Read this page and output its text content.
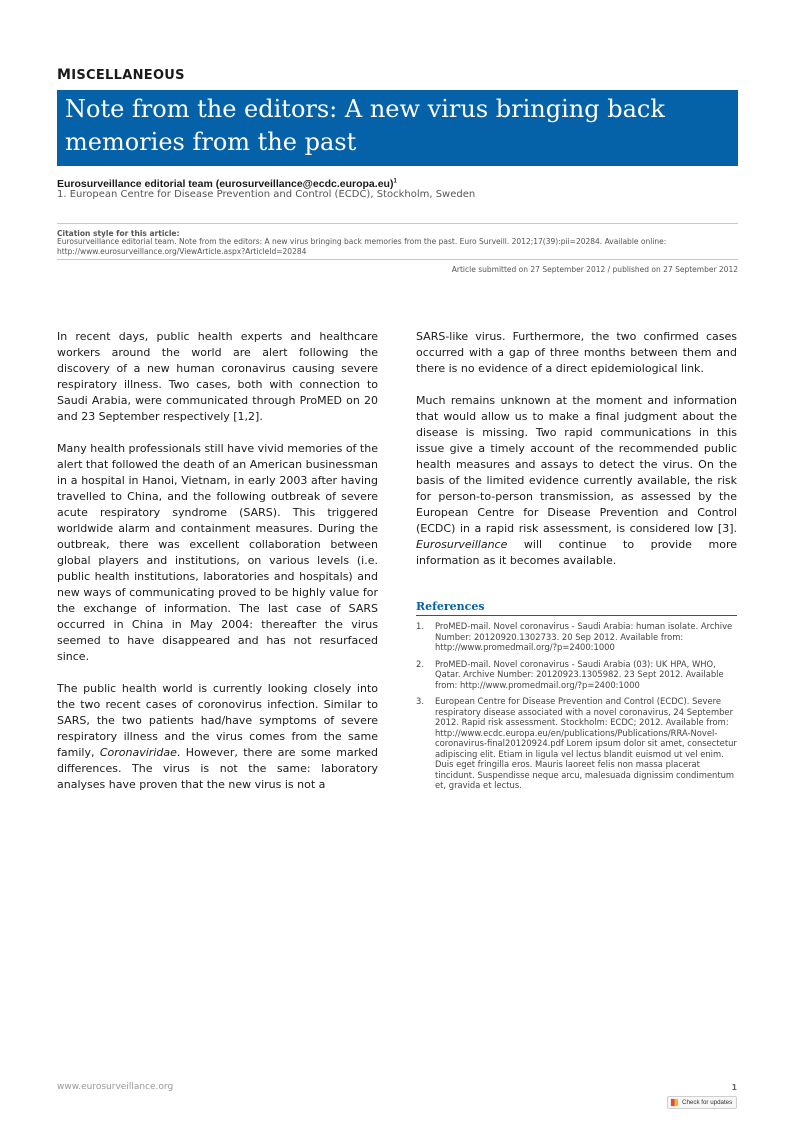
MISCELLANEOUS
Note from the editors: A new virus bringing back memories from the past
Eurosurveillance editorial team (eurosurveillance@ecdc.europa.eu)$^1$
1. European Centre for Disease Prevention and Control (ECDC), Stockholm, Sweden
Citation style for this article:
Eurosurveillance editorial team. Note from the editors: A new virus bringing back memories from the past. Euro Surveill. 2012;17(39):pii=20284. Available online: http://www.eurosurveillance.org/ViewArticle.aspx?ArticleId=20284
Article submitted on 27 September 2012 / published on 27 September 2012

In recent days, public health experts and healthcare workers around the world are alert following the discovery of a new human coronavirus causing severe respiratory illness. Two cases, both with connection to Saudi Arabia, were communicated through ProMED on 20 and 23 September respectively [1,2].

Many health professionals still have vivid memories of the alert that followed the death of an American businessman in a hospital in Hanoi, Vietnam, in early 2003 after having travelled to China, and the following outbreak of severe acute respiratory syndrome (SARS). This triggered worldwide alarm and containment measures. During the outbreak, there was excellent collaboration between global players and institutions, on various levels (i.e. public health institutions, laboratories and hospitals) and new ways of communicating proved to be highly value for the exchange of information. The last case of SARS occurred in China in May 2004: thereafter the virus seemed to have disappeared and has not resurfaced since.

The public health world is currently looking closely into the two recent cases of coronovirus infection. Similar to SARS, the two patients had/have symptoms of severe respiratory illness and the virus comes from the same family, Coronaviridae. However, there are some marked differences. The virus is not the same: laboratory analyses have proven that the new virus is not a

SARS-like virus. Furthermore, the two confirmed cases occurred with a gap of three months between them and there is no evidence of a direct epidemiological link.

Much remains unknown at the moment and information that would allow us to make a final judgment about the disease is missing. Two rapid communications in this issue give a timely account of the recommended public health measures and assays to detect the virus. On the basis of the limited evidence currently available, the risk for person-to-person transmission, as assessed by the European Centre for Disease Prevention and Control (ECDC) in a rapid risk assessment, is considered low [3]. Eurosurveillance will continue to provide more information as it becomes available.

References
1. ProMED-mail. Novel coronavirus - Saudi Arabia: human isolate. Archive Number: 20120920.1302733. 20 Sep 2012. Available from: http://www.promedmail.org/?p=2400:1000
2. ProMED-mail. Novel coronavirus - Saudi Arabia (03): UK HPA, WHO, Qatar. Archive Number: 20120923.1305982. 23 Sept 2012. Available from: http://www.promedmail.org/?p=2400:1000
3. European Centre for Disease Prevention and Control (ECDC). Severe respiratory disease associated with a novel coronavirus, 24 September 2012. Rapid risk assessment. Stockholm: ECDC; 2012. Available from: http://www.ecdc.europa.eu/en/publications/Publications/RRA-Novel-coronavirus-final20120924.pdf Lorem ipsum dolor sit amet, consectetur adipiscing elit. Etiam in ligula vel lectus blandit euismod ut vel enim. Duis eget fringilla eros. Mauris laoreet felis non massa placerat tincidunt. Suspendisse neque arcu, malesuada dignissim condimentum et, gravida et lectus.
www.eurosurveillance.org	1
Check for updates
